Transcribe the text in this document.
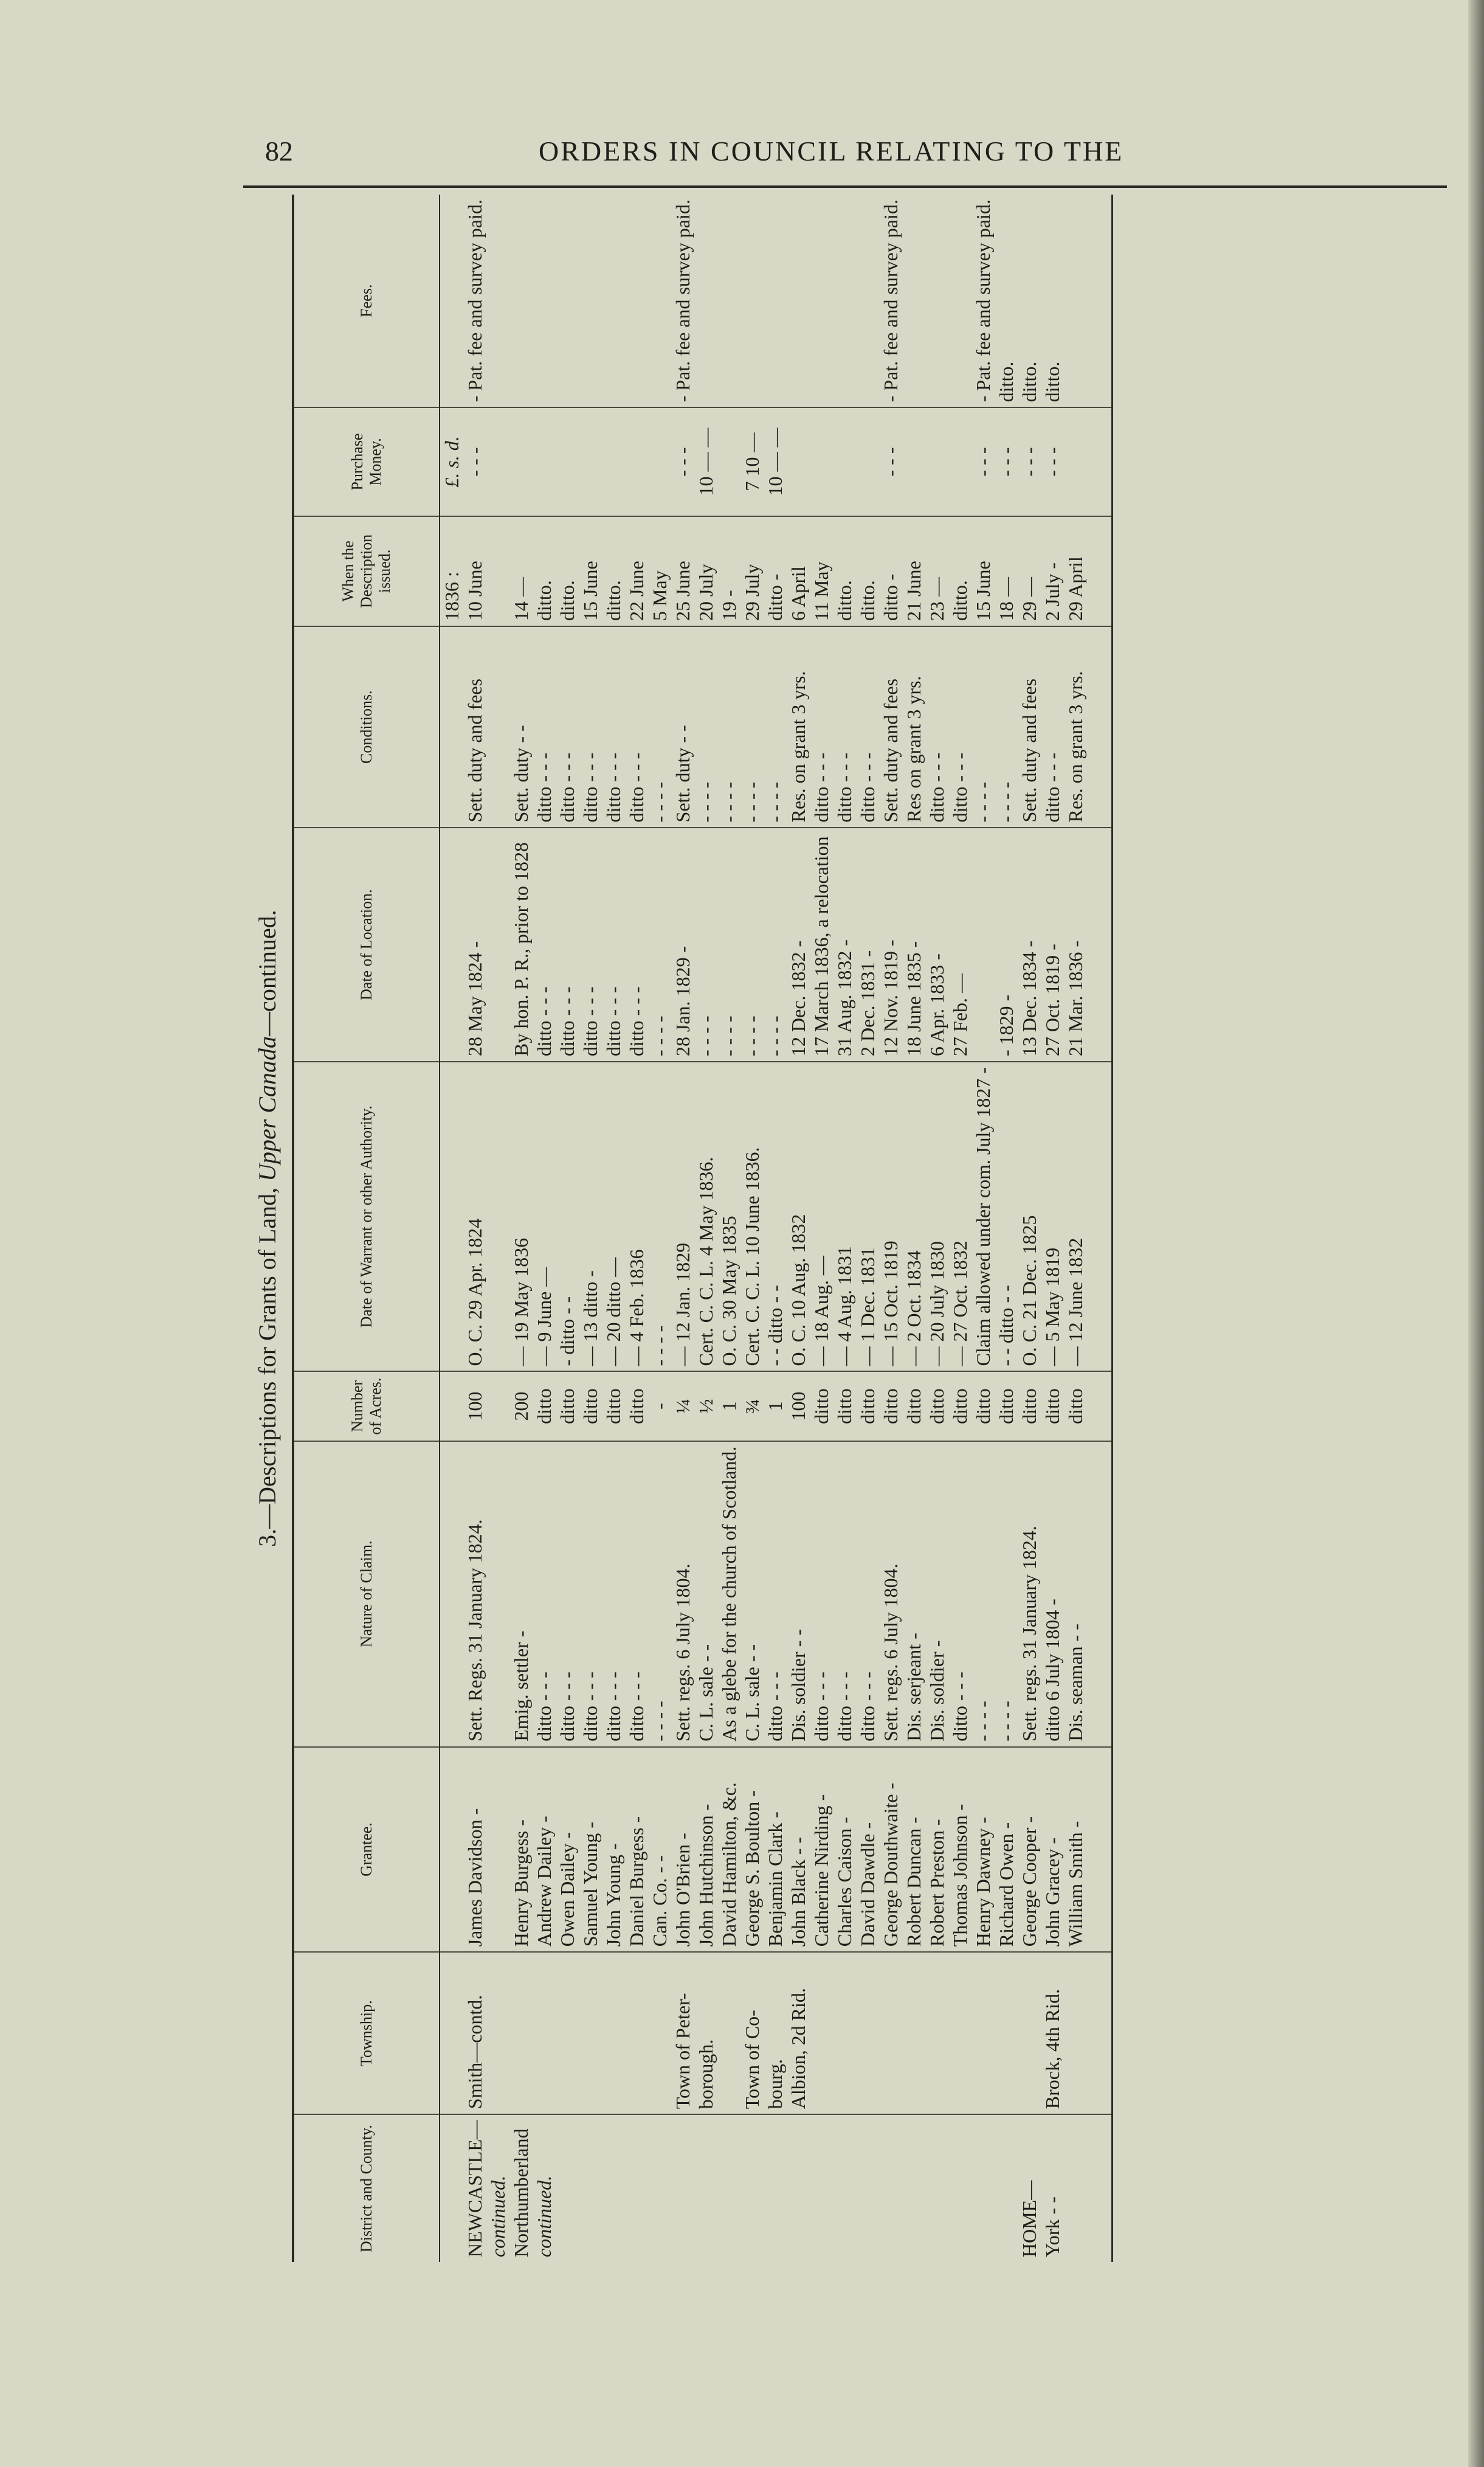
82	ORDERS IN COUNCIL RELATING TO THE
3.—Descriptions for Grants of Land, Upper Canada—continued.
District and County.	Township.	Grantee.	Nature of Claim.	Number of Acres.	Date of Warrant or other Authority.	Date of Location.	Conditions.	When the Description issued.	Purchase Money.	Fees.
								1836 :	£. s. d.	
NEWCASTLE—	Smith—contd.	James Davidson -	Sett. Regs. 31 January 1824.	100	O. C. 29 Apr. 1824	28 May 1824 -	Sett. duty and fees	10 June	- - -	- Pat. fee and survey paid.
continued.										
Northumberland		Henry Burgess -	Emig. settler -	200	— 19 May 1836	By hon. P. R., prior to 1828	Sett. duty - -	14 —		
continued.		Andrew Dailey -	ditto - - -	ditto	— 9 June —	ditto - - -	ditto - - -	ditto.		
		Owen Dailey -	ditto - - -	ditto	- ditto - -	ditto - - -	ditto - - -	ditto.		
		Samuel Young -	ditto - - -	ditto	— 13 ditto -	ditto - - -	ditto - - -	15 June		
		John Young -	ditto - - -	ditto	— 20 ditto —	ditto - - -	ditto - - -	ditto.		
		Daniel Burgess -	ditto - - -	ditto	— 4 Feb. 1836	ditto - - -	ditto - - -	22 June		
		Can. Co. - -	- - - -	-	- - - -	- - - -	- - - -	5 May		
	Town of Peter-	John O'Brien -	Sett. regs. 6 July 1804.	¼	— 12 Jan. 1829	28 Jan. 1829 -	Sett. duty - -	25 June	- - -	- Pat. fee and survey paid.
	borough.	John Hutchinson -	C. L. sale - -	½	Cert. C. C. L. 4 May 1836.	- - - -	- - - -	20 July	10 — —	
		David Hamilton, &c.	As a glebe for the church of Scotland.	1	O. C. 30 May 1835	- - - -	- - - -	19 -		
	Town of Co-	George S. Boulton -	C. L. sale - -	¾	Cert. C. C. L. 10 June 1836.	- - - -	- - - -	29 July	7 10 —	
	bourg.	Benjamin Clark -	ditto - - -	1	- - ditto - -	- - - -	- - - -	ditto -	10 — —	
	Albion, 2d Rid.	John Black - -	Dis. soldier - -	100	O. C. 10 Aug. 1832	12 Dec. 1832 -	Res. on grant 3 yrs.	6 April		
		Catherine Nirding -	ditto - - -	ditto	— 18 Aug. —	17 March 1836, a relocation	ditto - - -	11 May		
		Charles Caison -	ditto - - -	ditto	— 4 Aug. 1831	31 Aug. 1832 -	ditto - - -	ditto.		
		David Dawdle -	ditto - - -	ditto	— 1 Dec. 1831	2 Dec. 1831 -	ditto - - -	ditto.		
		George Douthwaite -	Sett. regs. 6 July 1804.	ditto	— 15 Oct. 1819	12 Nov. 1819 -	Sett. duty and fees	ditto -	- - -	- Pat. fee and survey paid.
		Robert Duncan -	Dis. serjeant -	ditto	— 2 Oct. 1834	18 June 1835 -	Res on grant 3 yrs.	21 June		
		Robert Preston -	Dis. soldier -	ditto	— 20 July 1830	6 Apr. 1833 -	ditto - - -	23 —		
		Thomas Johnson -	ditto - - -	ditto	— 27 Oct. 1832	27 Feb. —	ditto - - -	ditto.		
		Henry Dawney -	- - - -	ditto	Claim allowed under com. July 1827 -		- - - -	15 June	- - -	- Pat. fee and survey paid.
		Richard Owen -	- - - -	ditto	- - ditto - -	- 1829 -	- - - -	18 —	- - -	ditto.
HOME—		George Cooper -	Sett. regs. 31 January 1824.	ditto	O. C. 21 Dec. 1825	13 Dec. 1834 -	Sett. duty and fees	29 —	- - -	ditto.
York - -	Brock, 4th Rid.	John Gracey -	ditto 6 July 1804 -	ditto	— 5 May 1819	27 Oct. 1819 -	ditto - - -	2 July -	- - -	ditto.
		William Smith -	Dis. seaman - -	ditto	— 12 June 1832	21 Mar. 1836 -	Res. on grant 3 yrs.	29 April		
